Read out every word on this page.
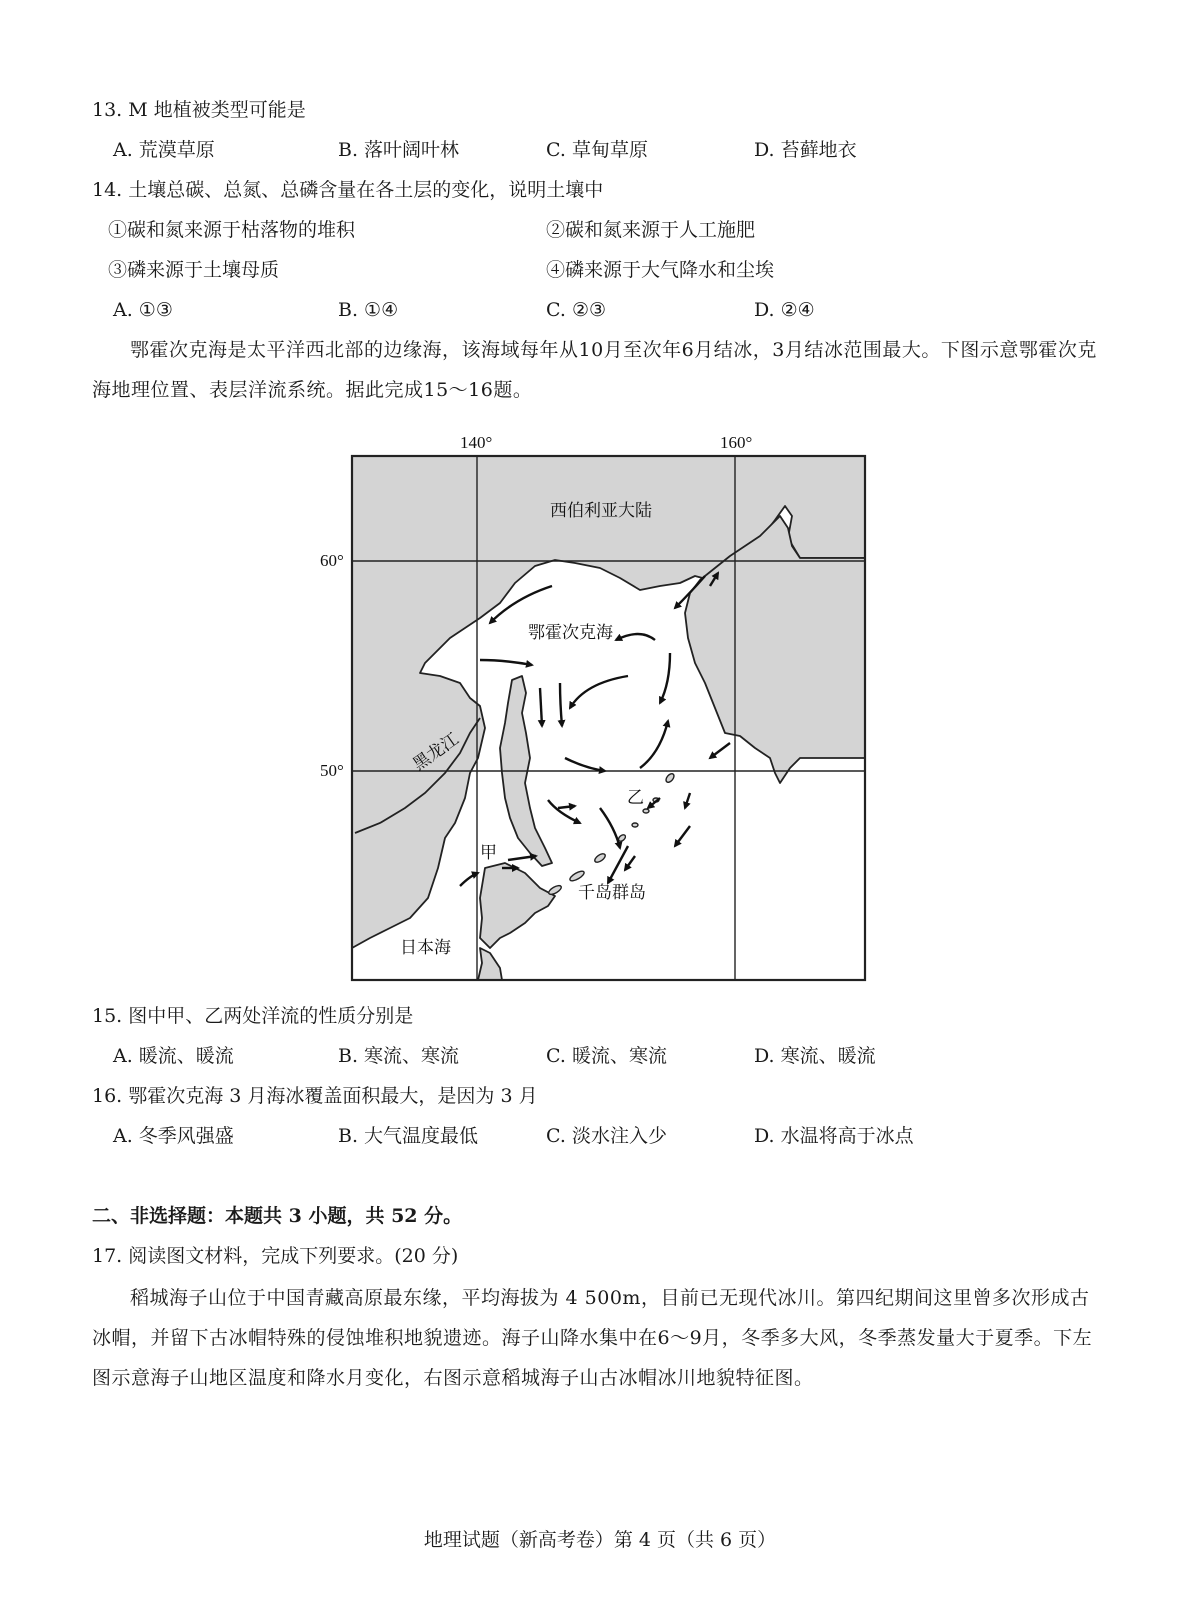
13. M 地植被类型可能是
A. 荒漠草原	B. 落叶阔叶林	C. 草甸草原	D. 苔藓地衣
14. 土壤总碳、总氮、总磷含量在各土层的变化，说明土壤中
①碳和氮来源于枯落物的堆积	②碳和氮来源于人工施肥
③磷来源于土壤母质	④磷来源于大气降水和尘埃
A. ①③	B. ①④	C. ②③	D. ②④
鄂霍次克海是太平洋西北部的边缘海，该海域每年从10月至次年6月结冰，3月结冰范围最大。下图示意鄂霍次克海地理位置、表层洋流系统。据此完成15～16题。
140°	160°
60°
50°
西伯利亚大陆
鄂霍次克海
黑龙江
甲
乙
千岛群岛
日本海
15. 图中甲、乙两处洋流的性质分别是
A. 暖流、暖流	B. 寒流、寒流	C. 暖流、寒流	D. 寒流、暖流
16. 鄂霍次克海 3 月海冰覆盖面积最大，是因为 3 月
A. 冬季风强盛	B. 大气温度最低	C. 淡水注入少	D. 水温将高于冰点
二、非选择题：本题共 3 小题，共 52 分。
17. 阅读图文材料，完成下列要求。(20 分)
稻城海子山位于中国青藏高原最东缘，平均海拔为 4 500m，目前已无现代冰川。第四纪期间这里曾多次形成古冰帽，并留下古冰帽特殊的侵蚀堆积地貌遗迹。海子山降水集中在6～9月，冬季多大风，冬季蒸发量大于夏季。下左图示意海子山地区温度和降水月变化，右图示意稻城海子山古冰帽冰川地貌特征图。
地理试题（新高考卷）第 4 页（共 6 页）
